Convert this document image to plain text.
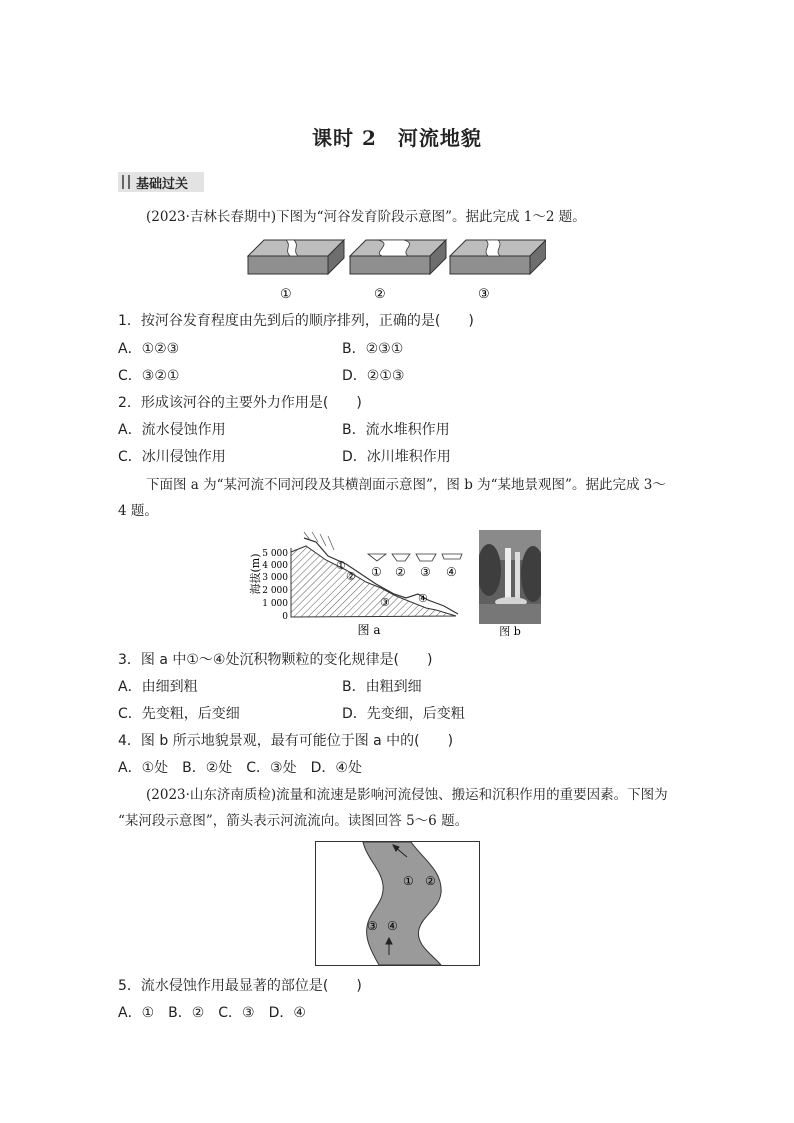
课时 2　河流地貌
基础过关
(2023·吉林长春期中)下图为“河谷发育阶段示意图”。据此完成 1～2 题。
①	②	③
1．按河谷发育程度由先到后的顺序排列，正确的是(　　)
A．①②③	B．②③①
C．③②①	D．②①③
2．形成该河谷的主要外力作用是(　　)
A．流水侵蚀作用	B．流水堆积作用
C．冰川侵蚀作用	D．冰川堆积作用
下面图 a 为“某河流不同河段及其横剖面示意图”，图 b 为“某地景观图”。据此完成 3～
4 题。
海拔(m) 5 000
4 000
3 000
2 000
1 000
0
① ② ③ ④
①
②
③	④
图 a	图 b
3．图 a 中①～④处沉积物颗粒的变化规律是(　　)
A．由细到粗	B．由粗到细
C．先变粗，后变细	D．先变细，后变粗
4．图 b 所示地貌景观，最有可能位于图 a 中的(　　)
A．①处　B．②处　C．③处　D．④处
(2023·山东济南质检)流量和流速是影响河流侵蚀、搬运和沉积作用的重要因素。下图为
“某河段示意图”，箭头表示河流流向。读图回答 5～6 题。
① ②
③ ④
5．流水侵蚀作用最显著的部位是(　　)
A．①　B．②　C．③　D．④
